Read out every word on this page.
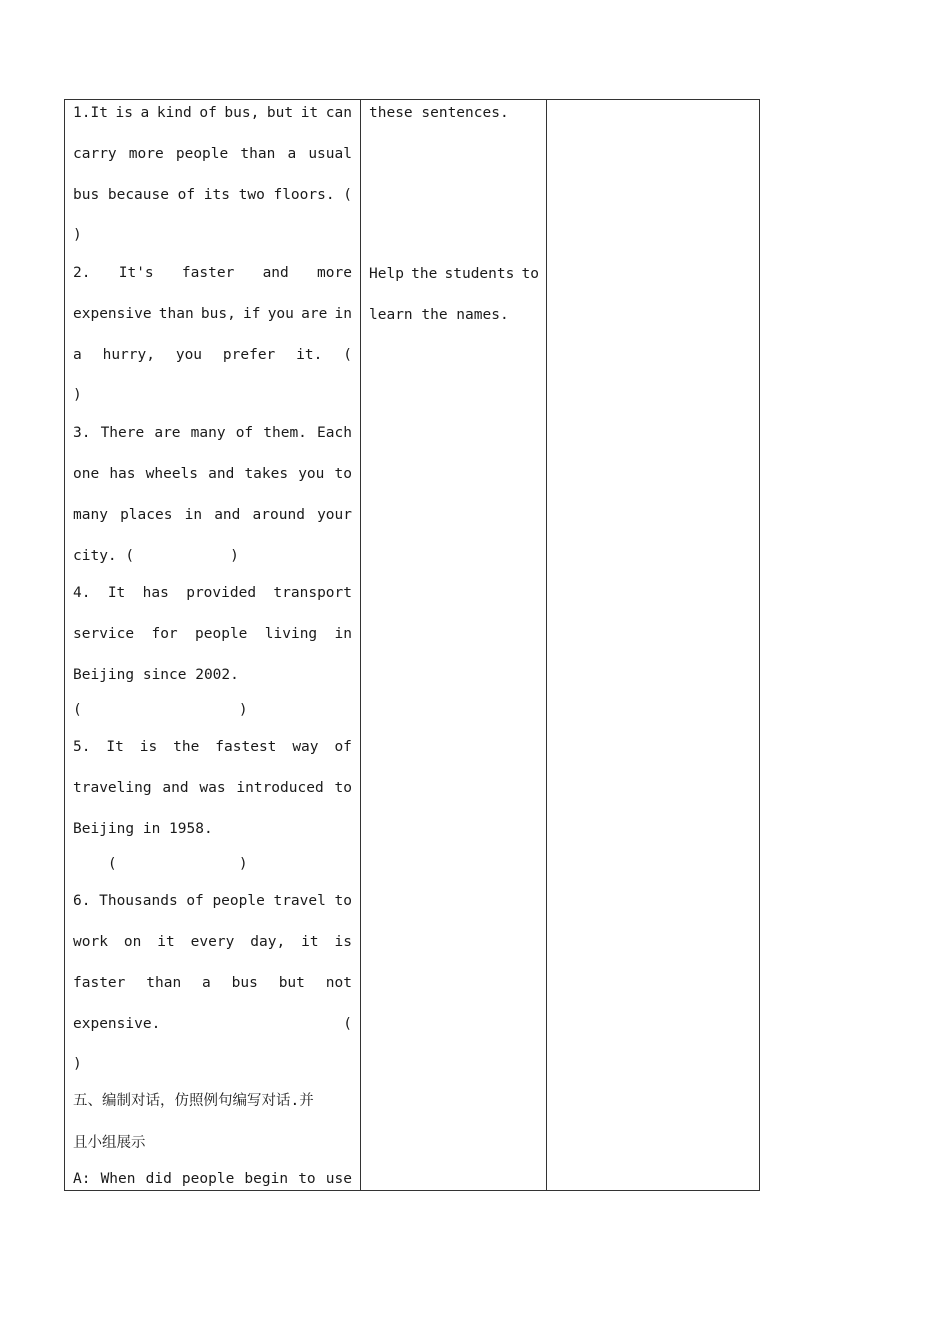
1.It is a kind of bus, but it can
carry more people than a usual
bus because of its two floors. (
)
2. It's faster and more
expensive than bus, if you are in
a hurry, you prefer it. (
)
3. There are many of them. Each
one has wheels and takes you to
many places in and around your
city. (           )
4. It has provided transport
service for people living in
Beijing since 2002.
(                  )
5. It is the fastest way of
traveling and was introduced to
Beijing in 1958.
(              )
6. Thousands of people travel to
work on it every day, it is
faster than a bus but not
expensive.	(
)
五、编制对话，仿照例句编写对话.并
且小组展示
A: When did people begin to use
these sentences.
Help the students to
learn the names.
